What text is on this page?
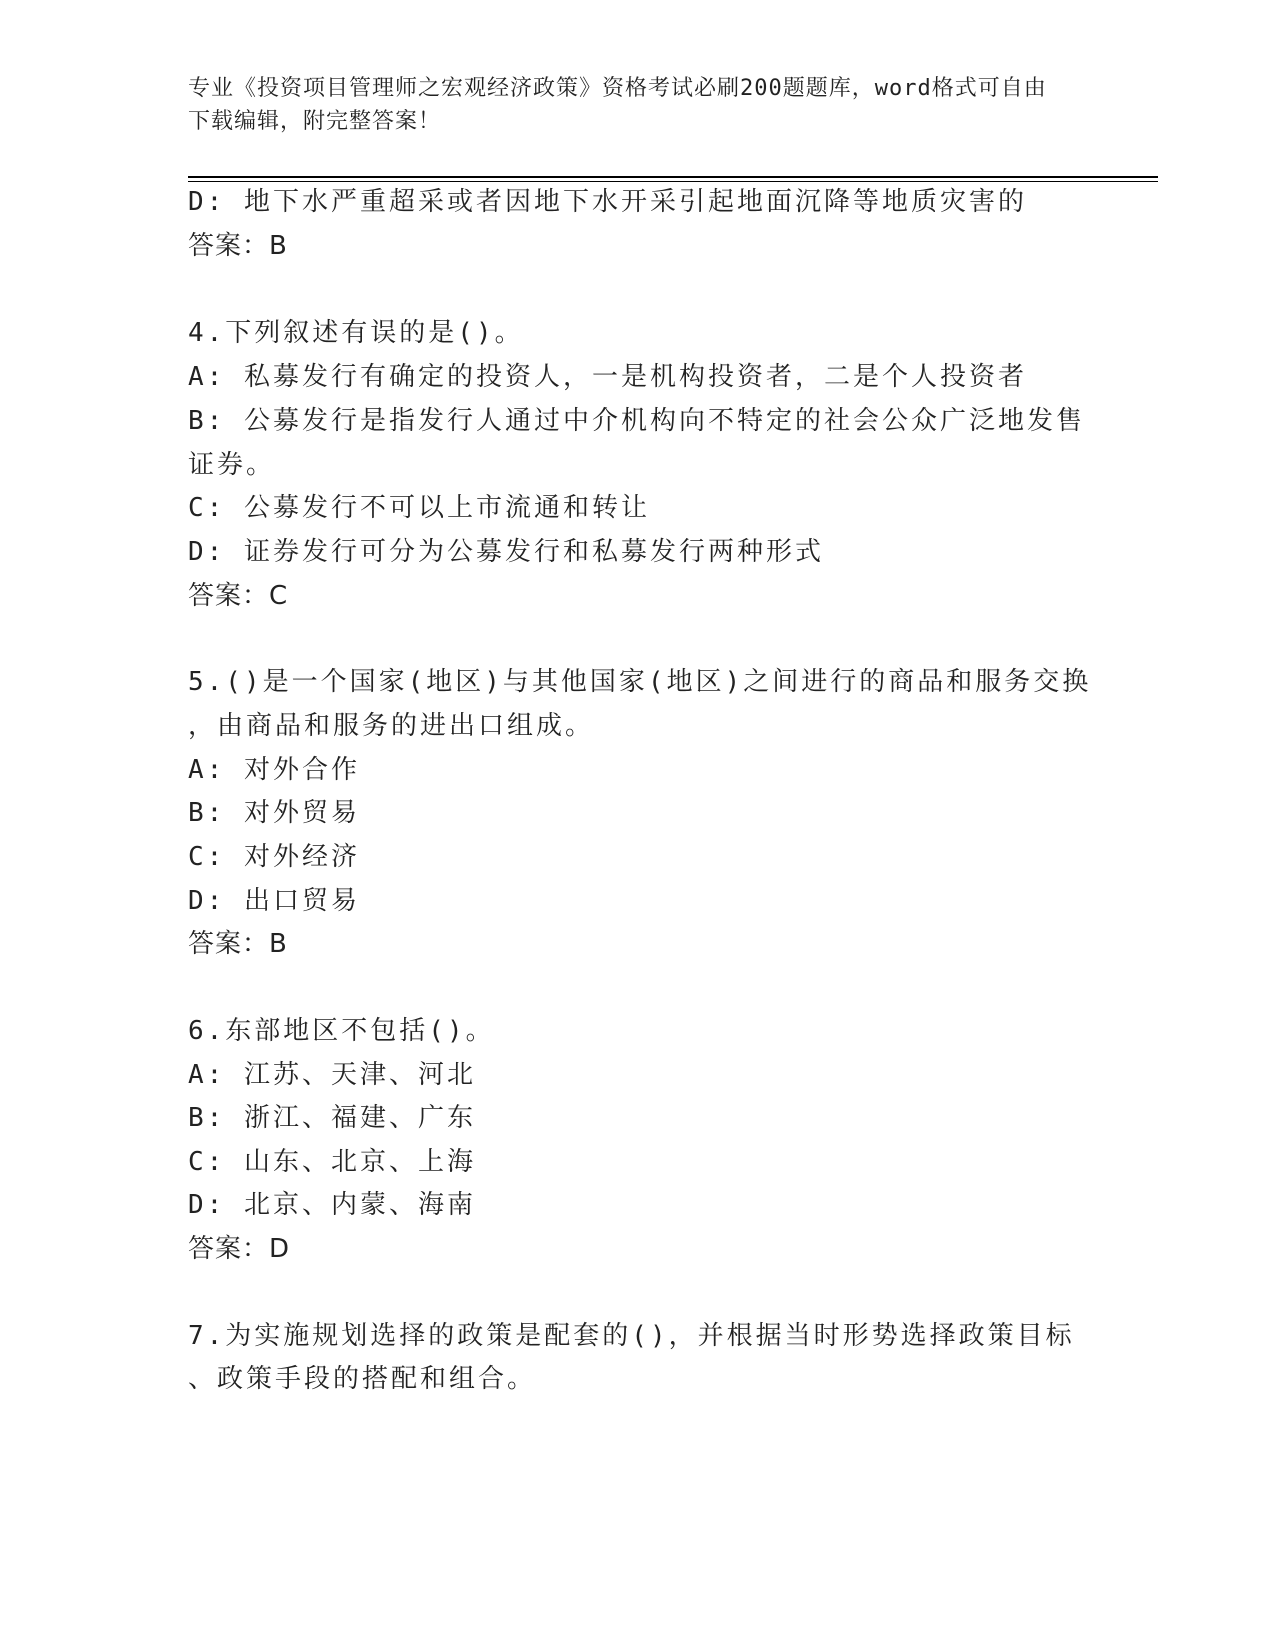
专业《投资项目管理师之宏观经济政策》资格考试必刷200题题库，word格式可自由下载编辑，附完整答案！
D: 地下水严重超采或者因地下水开采引起地面沉降等地质灾害的
答案：B
4.下列叙述有误的是()。
A: 私募发行有确定的投资人，一是机构投资者，二是个人投资者
B: 公募发行是指发行人通过中介机构向不特定的社会公众广泛地发售
证券。
C: 公募发行不可以上市流通和转让
D: 证券发行可分为公募发行和私募发行两种形式
答案：C
5.()是一个国家(地区)与其他国家(地区)之间进行的商品和服务交换
，由商品和服务的进出口组成。
A: 对外合作
B: 对外贸易
C: 对外经济
D: 出口贸易
答案：B
6.东部地区不包括()。
A: 江苏、天津、河北
B: 浙江、福建、广东
C: 山东、北京、上海
D: 北京、内蒙、海南
答案：D
7.为实施规划选择的政策是配套的()，并根据当时形势选择政策目标
、政策手段的搭配和组合。
